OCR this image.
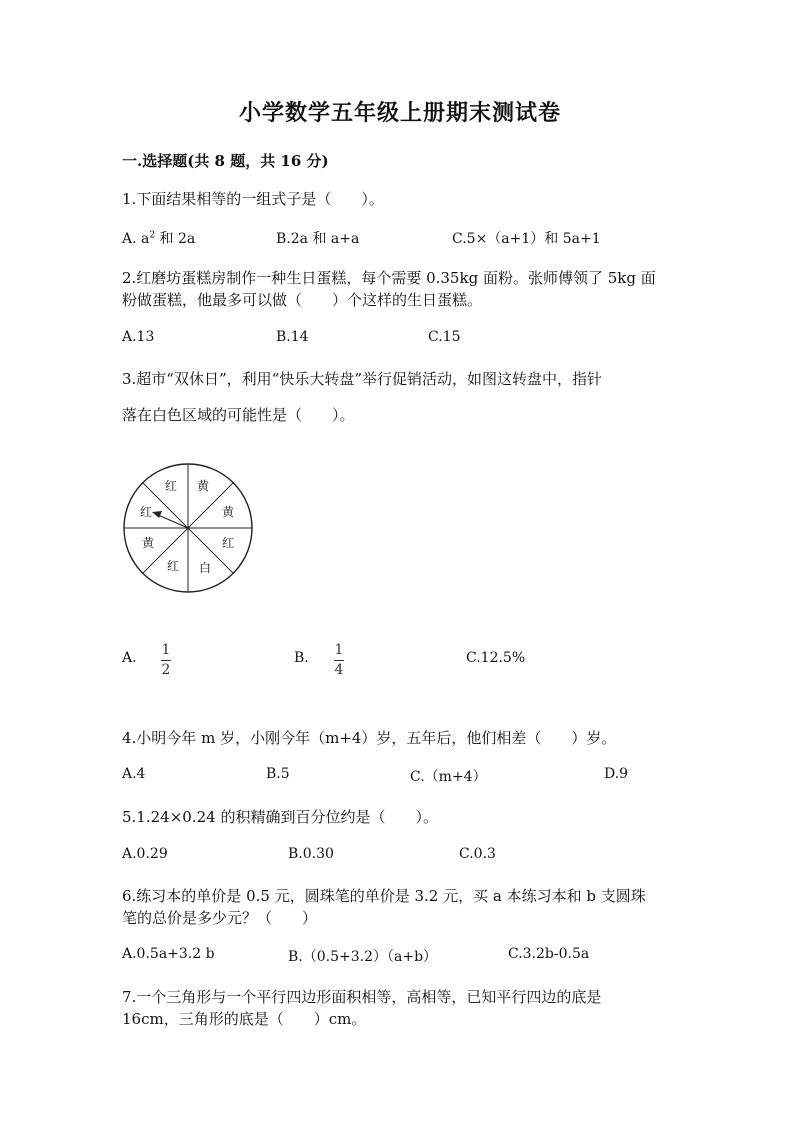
小学数学五年级上册期末测试卷
一.选择题(共 8 题，共 16 分)
1.下面结果相等的一组式子是（　　）。
A. $a^2$ 和 2a	B.2a 和 a+a	C.5×（a+1）和 5a+1
2.红磨坊蛋糕房制作一种生日蛋糕，每个需要 0.35kg 面粉。张师傅领了 5kg 面
粉做蛋糕，他最多可以做（　　）个这样的生日蛋糕。
A.13	B.14	C.15
3.超市“双休日”，利用“快乐大转盘”举行促销活动，如图这转盘中，指针
落在白色区域的可能性是（　　）。
黄
黄
红
白
红
黄
红
红
A. 1
2
B. 1
4
C.12.5%
4.小明今年 m 岁，小刚今年（m+4）岁，五年后，他们相差（　　）岁。
A.4	B.5	C.（m+4）	D.9
5.1.24×0.24 的积精确到百分位约是（　　）。
A.0.29	B.0.30	C.0.3
6.练习本的单价是 0.5 元，圆珠笔的单价是 3.2 元，买 a 本练习本和 b 支圆珠
笔的总价是多少元？（　　）
A.0.5a+3.2 b	B.（0.5+3.2）（a+b）	C.3.2b-0.5a
7.一个三角形与一个平行四边形面积相等，高相等，已知平行四边的底是
16cm，三角形的底是（　　）cm。
